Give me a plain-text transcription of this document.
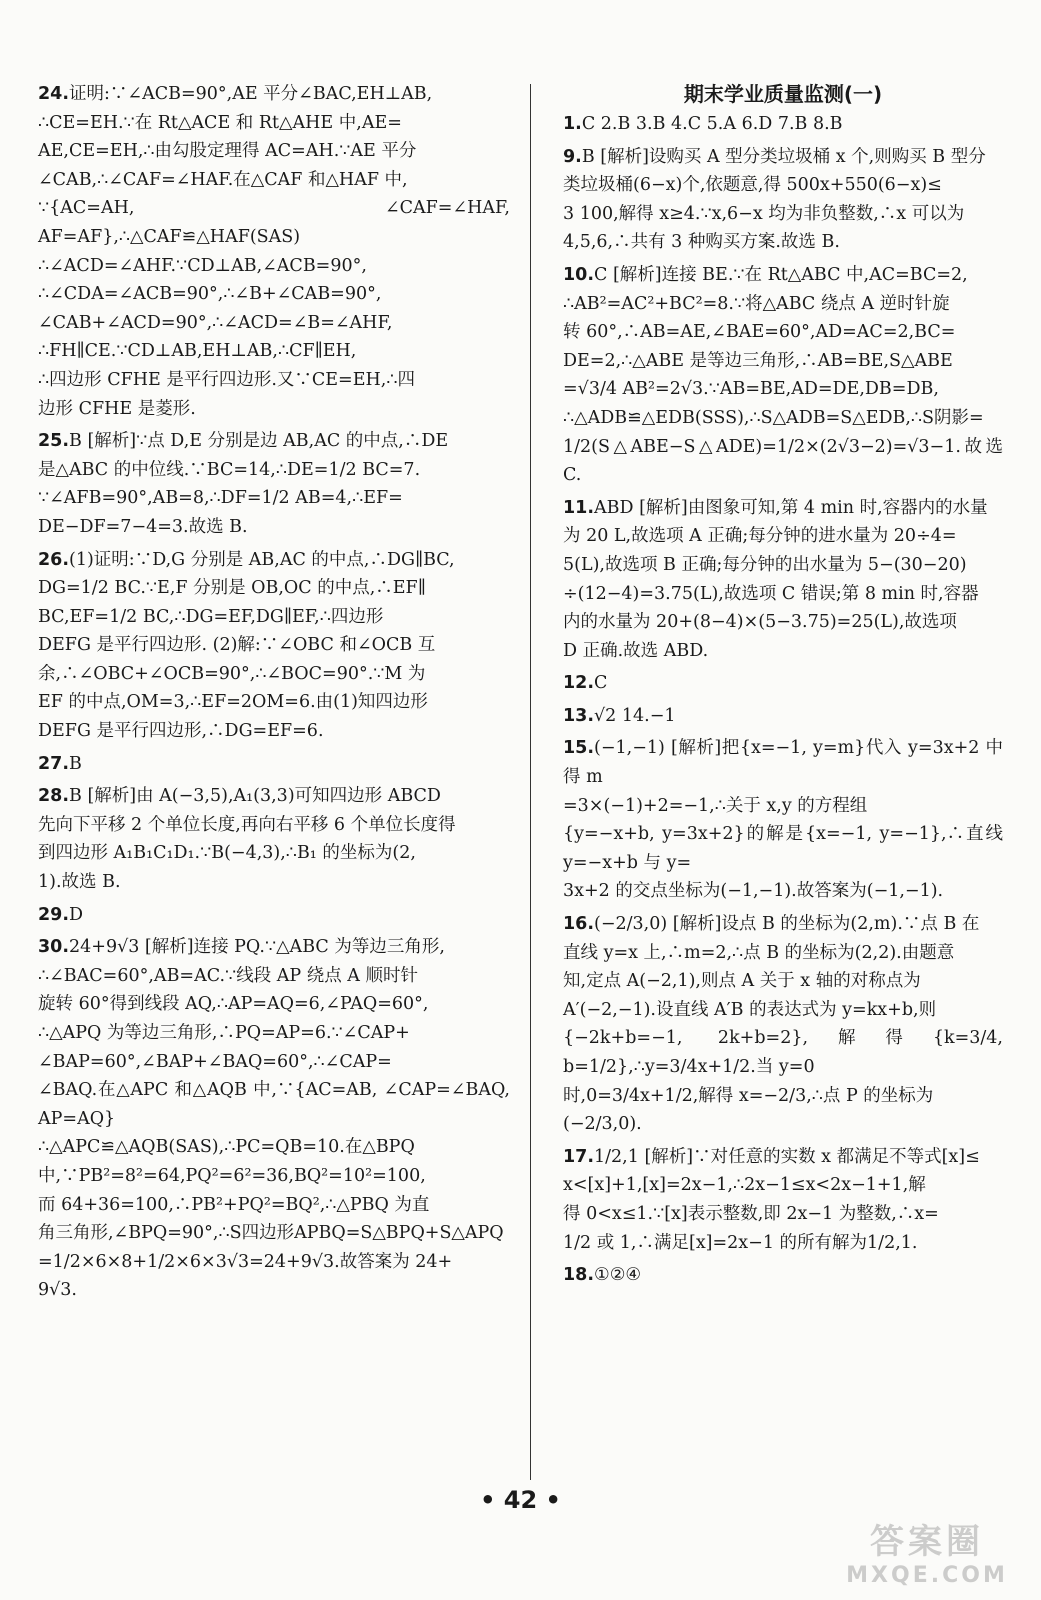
24.证明:∵∠ACB=90°,AE 平分∠BAC,EH⊥AB,
∴CE=EH.∵在 Rt△ACE 和 Rt△AHE 中,AE=
AE,CE=EH,∴由勾股定理得 AC=AH.∵AE 平分
∠CAB,∴∠CAF=∠HAF.在△CAF 和△HAF 中,
∵{AC=AH, ∠CAF=∠HAF, AF=AF},∴△CAF≌△HAF(SAS)
∴∠ACD=∠AHF.∵CD⊥AB,∠ACB=90°,
∴∠CDA=∠ACB=90°,∴∠B+∠CAB=90°,
∠CAB+∠ACD=90°,∴∠ACD=∠B=∠AHF,
∴FH∥CE.∵CD⊥AB,EH⊥AB,∴CF∥EH,
∴四边形 CFHE 是平行四边形.又∵CE=EH,∴四
边形 CFHE 是菱形.

25.B [解析]∵点 D,E 分别是边 AB,AC 的中点,∴DE
是△ABC 的中位线.∵BC=14,∴DE=1/2 BC=7.
∵∠AFB=90°,AB=8,∴DF=1/2 AB=4,∴EF=
DE−DF=7−4=3.故选 B.

26.(1)证明:∵D,G 分别是 AB,AC 的中点,∴DG∥BC,
DG=1/2 BC.∵E,F 分别是 OB,OC 的中点,∴EF∥
BC,EF=1/2 BC,∴DG=EF,DG∥EF,∴四边形
DEFG 是平行四边形. (2)解:∵∠OBC 和∠OCB 互
余,∴∠OBC+∠OCB=90°,∴∠BOC=90°.∵M 为
EF 的中点,OM=3,∴EF=2OM=6.由(1)知四边形
DEFG 是平行四边形,∴DG=EF=6.

27.B

28.B [解析]由 A(−3,5),A₁(3,3)可知四边形 ABCD
先向下平移 2 个单位长度,再向右平移 6 个单位长度得
到四边形 A₁B₁C₁D₁.∵B(−4,3),∴B₁ 的坐标为(2,
1).故选 B.

29.D

30.24+9√3 [解析]连接 PQ.∵△ABC 为等边三角形,
∴∠BAC=60°,AB=AC.∵线段 AP 绕点 A 顺时针
旋转 60°得到线段 AQ,∴AP=AQ=6,∠PAQ=60°,
∴△APQ 为等边三角形,∴PQ=AP=6.∵∠CAP+
∠BAP=60°,∠BAP+∠BAQ=60°,∴∠CAP=
∠BAQ.在△APC 和△AQB 中,∵{AC=AB, ∠CAP=∠BAQ, AP=AQ}
∴△APC≌△AQB(SAS),∴PC=QB=10.在△BPQ
中,∵PB²=8²=64,PQ²=6²=36,BQ²=10²=100,
而 64+36=100,∴PB²+PQ²=BQ²,∴△PBQ 为直
角三角形,∠BPQ=90°,∴S四边形APBQ=S△BPQ+S△APQ
=1/2×6×8+1/2×6×3√3=24+9√3.故答案为 24+
9√3.

期末学业质量监测(一)

1.C 2.B 3.B 4.C 5.A 6.D 7.B 8.B

9.B [解析]设购买 A 型分类垃圾桶 x 个,则购买 B 型分
类垃圾桶(6−x)个,依题意,得 500x+550(6−x)≤
3 100,解得 x≥4.∵x,6−x 均为非负整数,∴x 可以为
4,5,6,∴共有 3 种购买方案.故选 B.

10.C [解析]连接 BE.∵在 Rt△ABC 中,AC=BC=2,
∴AB²=AC²+BC²=8.∵将△ABC 绕点 A 逆时针旋
转 60°,∴AB=AE,∠BAE=60°,AD=AC=2,BC=
DE=2,∴△ABE 是等边三角形,∴AB=BE,S△ABE
=√3/4 AB²=2√3.∵AB=BE,AD=DE,DB=DB,
∴△ADB≌△EDB(SSS),∴S△ADB=S△EDB,∴S阴影=
1/2(S△ABE−S△ADE)=1/2×(2√3−2)=√3−1.故选 C.

11.ABD [解析]由图象可知,第 4 min 时,容器内的水量
为 20 L,故选项 A 正确;每分钟的进水量为 20÷4=
5(L),故选项 B 正确;每分钟的出水量为 5−(30−20)
÷(12−4)=3.75(L),故选项 C 错误;第 8 min 时,容器
内的水量为 20+(8−4)×(5−3.75)=25(L),故选项
D 正确.故选 ABD.

12.C

13.√2 14.−1

15.(−1,−1) [解析]把{x=−1, y=m}代入 y=3x+2 中得 m
=3×(−1)+2=−1,∴关于 x,y 的方程组
{y=−x+b, y=3x+2}的解是{x=−1, y=−1},∴直线 y=−x+b 与 y=
3x+2 的交点坐标为(−1,−1).故答案为(−1,−1).

16.(−2/3,0) [解析]设点 B 的坐标为(2,m).∵点 B 在
直线 y=x 上,∴m=2,∴点 B 的坐标为(2,2).由题意
知,定点 A(−2,1),则点 A 关于 x 轴的对称点为
A′(−2,−1).设直线 A′B 的表达式为 y=kx+b,则
{−2k+b=−1, 2k+b=2},解得{k=3/4, b=1/2},∴y=3/4x+1/2.当 y=0
时,0=3/4x+1/2,解得 x=−2/3,∴点 P 的坐标为
(−2/3,0).

17.1/2,1 [解析]∵对任意的实数 x 都满足不等式[x]≤
x<[x]+1,[x]=2x−1,∴2x−1≤x<2x−1+1,解
得 0<x≤1.∵[x]表示整数,即 2x−1 为整数,∴x=
1/2 或 1,∴满足[x]=2x−1 的所有解为1/2,1.

18.①②④

• 42 •
答案圈
MXQE.COM
